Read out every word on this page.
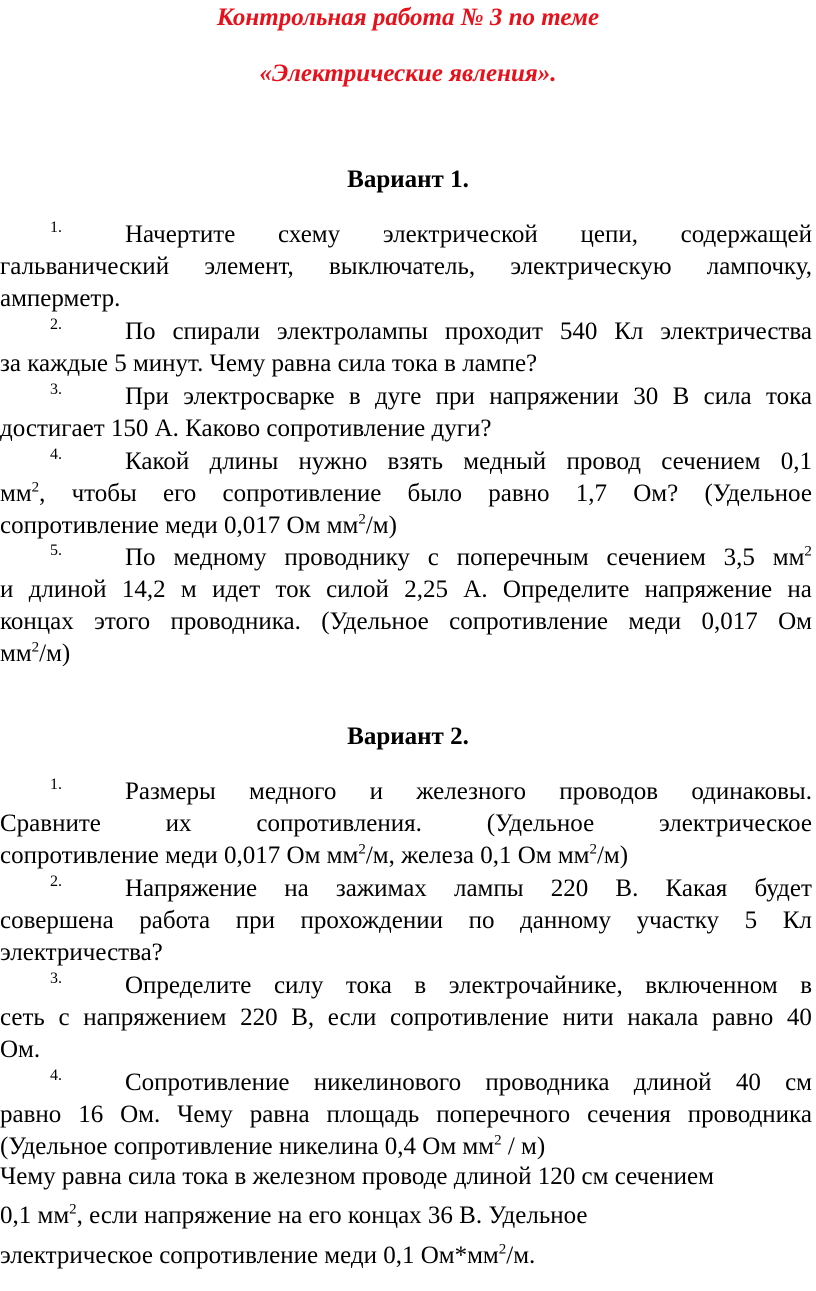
Контрольная работа № 3 по теме
«Электрические явления».
Вариант 1.
1.	Начертите схему электрической цепи, содержащей
гальванический элемент, выключатель, электрическую лампочку,
амперметр.
2.	По спирали электролампы проходит 540 Кл электричества
за каждые 5 минут. Чему равна сила тока в лампе?
3.	При электросварке в дуге при напряжении 30 В сила тока
достигает 150 А. Каково сопротивление дуги?
4.	Какой длины нужно взять медный провод сечением 0,1
$мм^2$, чтобы его сопротивление было равно 1,7 Ом? (Удельное
сопротивление меди 0,017 Ом $мм^2/м$)
5.	По медному проводнику с поперечным сечением 3,5 $мм^2$
и длиной 14,2 м идет ток силой 2,25 А. Определите напряжение на
концах этого проводника. (Удельное сопротивление меди 0,017 Ом
$мм^2/м$)
Вариант 2.
1.	Размеры медного и железного проводов одинаковы.
Сравните	их	сопротивления.	(Удельное	электрическое
сопротивление меди 0,017 Ом $мм^2/м$, железа 0,1 Ом $мм^2/м$)
2.	Напряжение на зажимах лампы 220 В. Какая будет
совершена работа при прохождении по данному участку 5 Кл
электричества?
3.	Определите силу тока в электрочайнике, включенном в
сеть с напряжением 220 В, если сопротивление нити накала равно 40
Ом.
4.	Сопротивление никелинового проводника длиной 40 см
равно 16 Ом. Чему равна площадь поперечного сечения проводника
(Удельное сопротивление никелина 0,4 Ом $мм^2 / м$)
Чему равна сила тока в железном проводе длиной 120 см сечением
0,1 $мм^2$, если напряжение на его концах 36 В. Удельное
электрическое сопротивление меди 0,1 $Ом*мм^2/м$.
